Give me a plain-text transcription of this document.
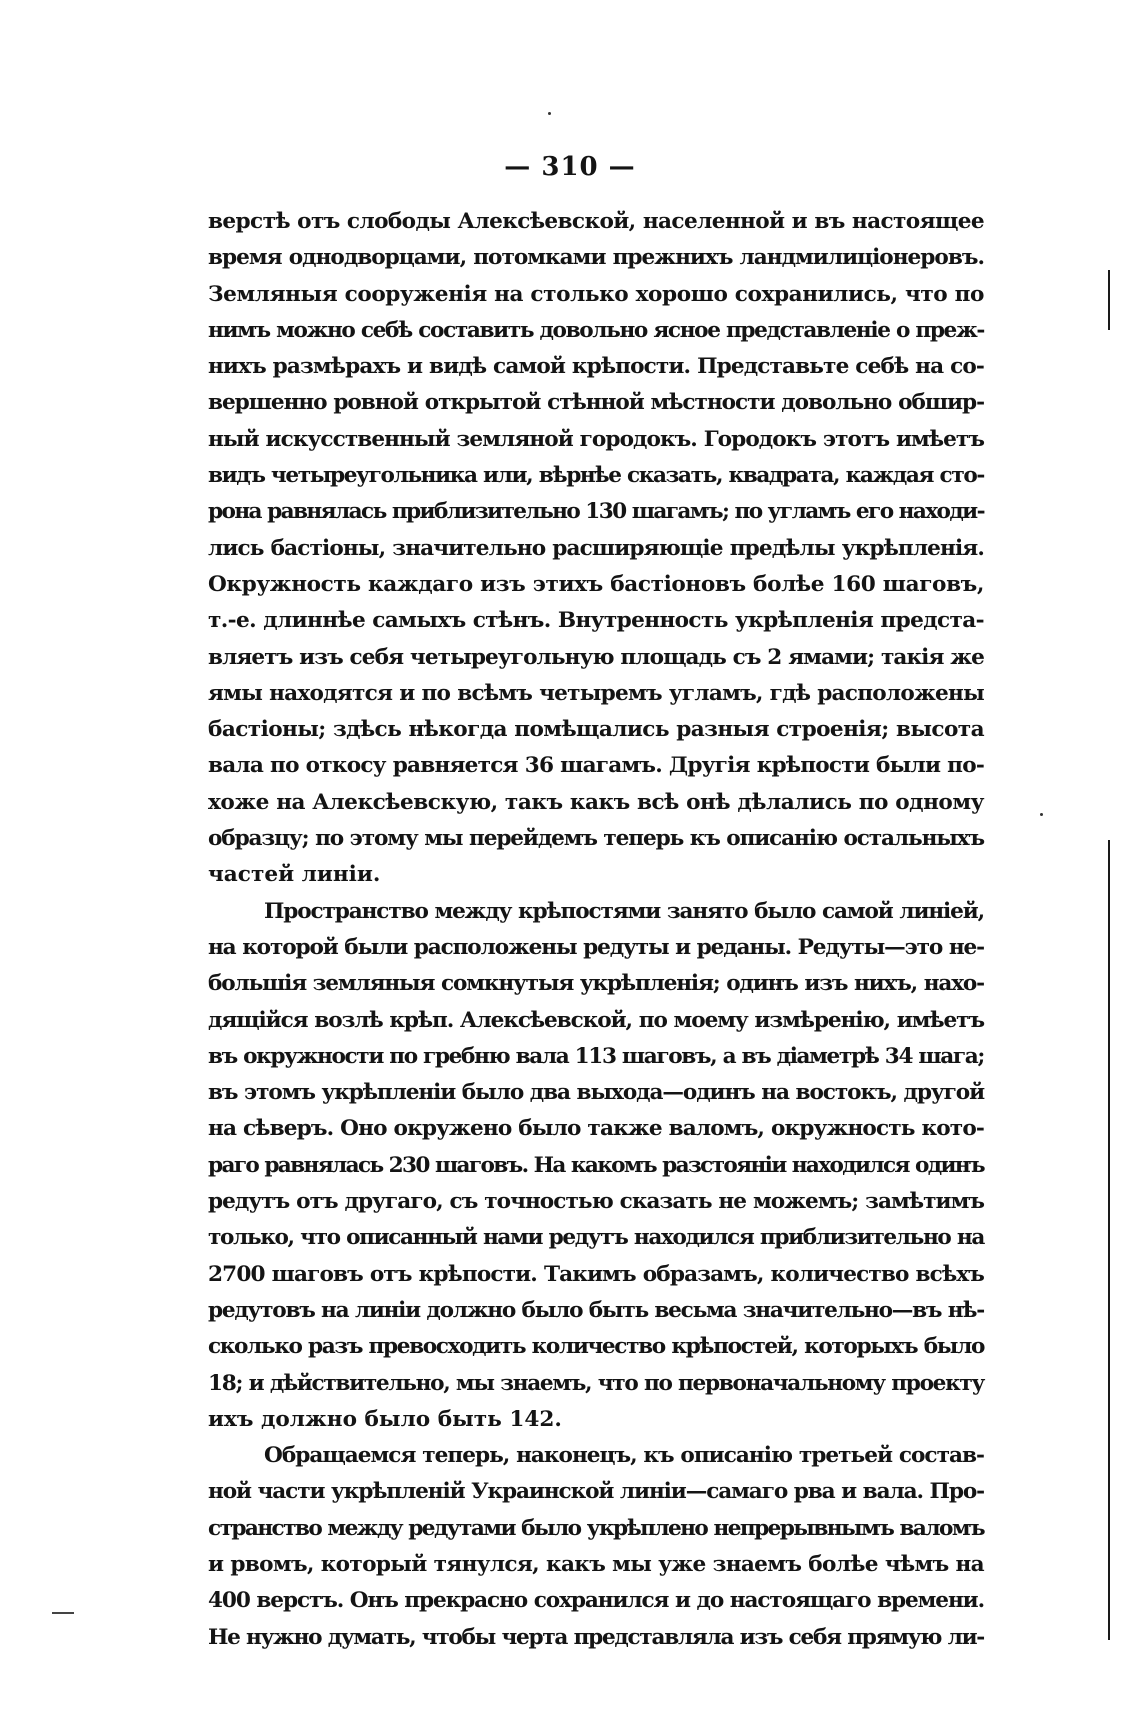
— 310 —

верстѣ отъ слободы Алексѣевской, населенной и въ настоящее
время однодворцами, потомками прежнихъ ландмилицiонеровъ.
Земляныя сооруженiя на столько хорошо сохранились, что по
нимъ можно себѣ составить довольно ясное представленiе о преж-
нихъ размѣрахъ и видѣ самой крѣпости. Представьте себѣ на со-
вершенно ровной открытой стѣнной мѣстности довольно обшир-
ный искусственный земляной городокъ. Городокъ этотъ имѣетъ
видъ четыреугольника или, вѣрнѣе сказать, квадрата, каждая сто-
рона равнялась приблизительно 130 шагамъ; по угламъ его находи-
лись бастiоны, значительно расширяющiе предѣлы укрѣпленiя.
Окружность каждаго изъ этихъ бастiоновъ болѣе 160 шаговъ,
т.-е. длиннѣе самыхъ стѣнъ. Внутренность укрѣпленiя предста-
вляетъ изъ себя четыреугольную площадь съ 2 ямами; такiя же
ямы находятся и по всѣмъ четыремъ угламъ, гдѣ расположены
бастiоны; здѣсь нѣкогда помѣщались разныя строенiя; высота
вала по откосу равняется 36 шагамъ. Другiя крѣпости были по-
хоже на Алексѣевскую, такъ какъ всѣ онѣ дѣлались по одному
образцу; по этому мы перейдемъ теперь къ описанiю остальныхъ
частей линiи.

Пространство между крѣпостями занято было самой линiей,
на которой были расположены редуты и реданы. Редуты—это не-
большiя земляныя сомкнутыя укрѣпленiя; одинъ изъ нихъ, нахо-
дящiйся возлѣ крѣп. Алексѣевской, по моему измѣренiю, имѣетъ
въ окружности по гребню вала 113 шаговъ, а въ дiаметрѣ 34 шага;
въ этомъ укрѣпленiи было два выхода—одинъ на востокъ, другой
на сѣверъ. Оно окружено было также валомъ, окружность кото-
раго равнялась 230 шаговъ. На какомъ разстоянiи находился одинъ
редутъ отъ другаго, съ точностью сказать не можемъ; замѣтимъ
только, что описанный нами редутъ находился приблизительно на
2700 шаговъ отъ крѣпости. Такимъ образамъ, количество всѣхъ
редутовъ на линiи должно было быть весьма значительно—въ нѣ-
сколько разъ превосходить количество крѣпостей, которыхъ было
18; и дѣйствительно, мы знаемъ, что по первоначальному проекту
ихъ должно было быть 142.

Обращаемся теперь, наконецъ, къ описанiю третьей состав-
ной части укрѣпленiй Украинской линiи—самаго рва и вала. Про-
странство между редутами было укрѣплено непрерывнымъ валомъ
и рвомъ, который тянулся, какъ мы уже знаемъ болѣе чѣмъ на
400 верстъ. Онъ прекрасно сохранился и до настоящаго времени.
Не нужно думать, чтобы черта представляла изъ себя прямую ли-
